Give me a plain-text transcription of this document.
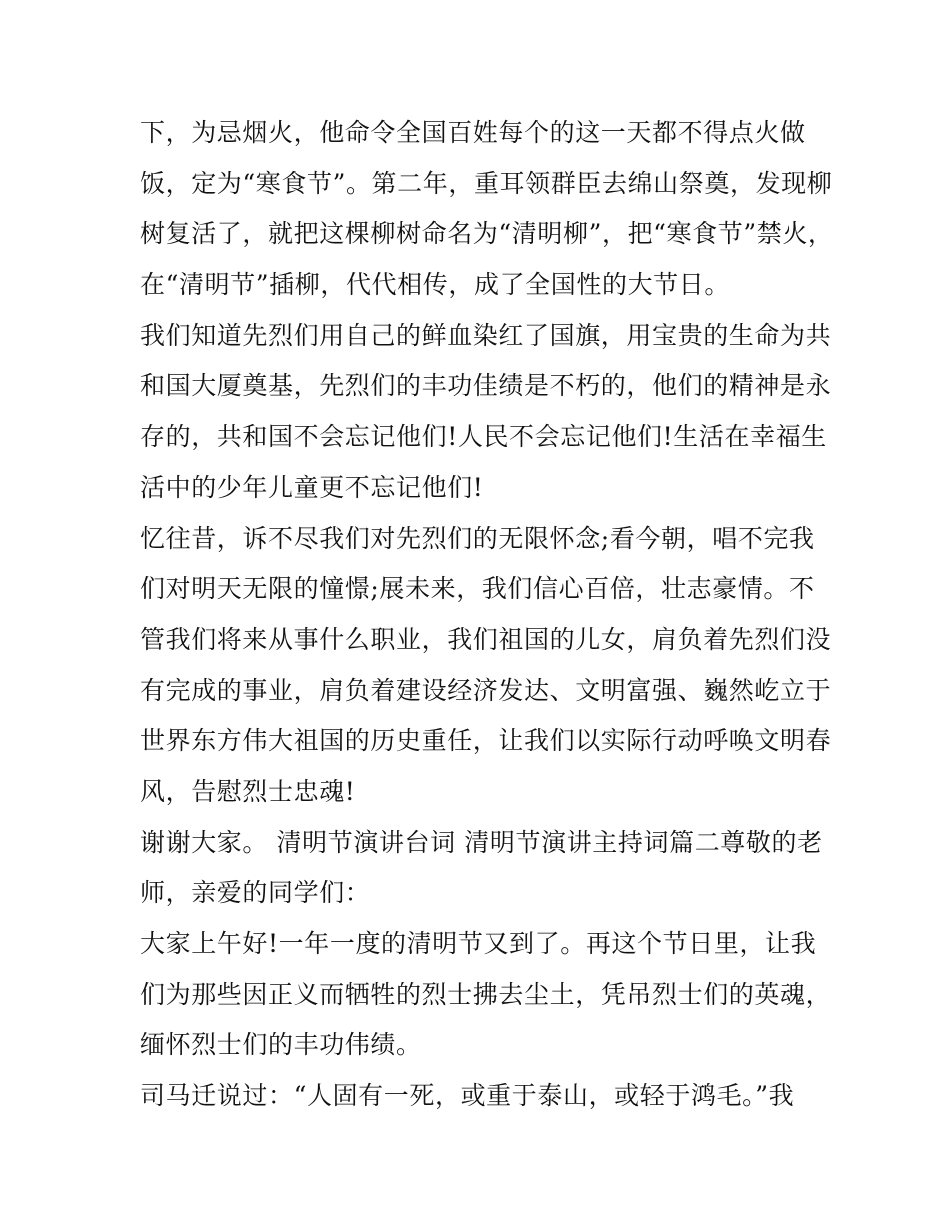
下，为忌烟火，他命令全国百姓每个的这一天都不得点火做
饭，定为“寒食节”。第二年，重耳领群臣去绵山祭奠，发现柳
树复活了，就把这棵柳树命名为“清明柳”，把“寒食节”禁火，
在“清明节”插柳，代代相传，成了全国性的大节日。
我们知道先烈们用自己的鲜血染红了国旗，用宝贵的生命为共
和国大厦奠基，先烈们的丰功佳绩是不朽的，他们的精神是永
存的，共和国不会忘记他们!人民不会忘记他们!生活在幸福生
活中的少年儿童更不忘记他们!
忆往昔，诉不尽我们对先烈们的无限怀念;看今朝，唱不完我
们对明天无限的憧憬;展未来，我们信心百倍，壮志豪情。不
管我们将来从事什么职业，我们祖国的儿女，肩负着先烈们没
有完成的事业，肩负着建设经济发达、文明富强、巍然屹立于
世界东方伟大祖国的历史重任，让我们以实际行动呼唤文明春
风，告慰烈士忠魂!
谢谢大家。 清明节演讲台词 清明节演讲主持词篇二尊敬的老
师，亲爱的同学们：
大家上午好!一年一度的清明节又到了。再这个节日里，让我
们为那些因正义而牺牲的烈士拂去尘土，凭吊烈士们的英魂，
缅怀烈士们的丰功伟绩。
司马迁说过：“人固有一死，或重于泰山，或轻于鸿毛。”我
